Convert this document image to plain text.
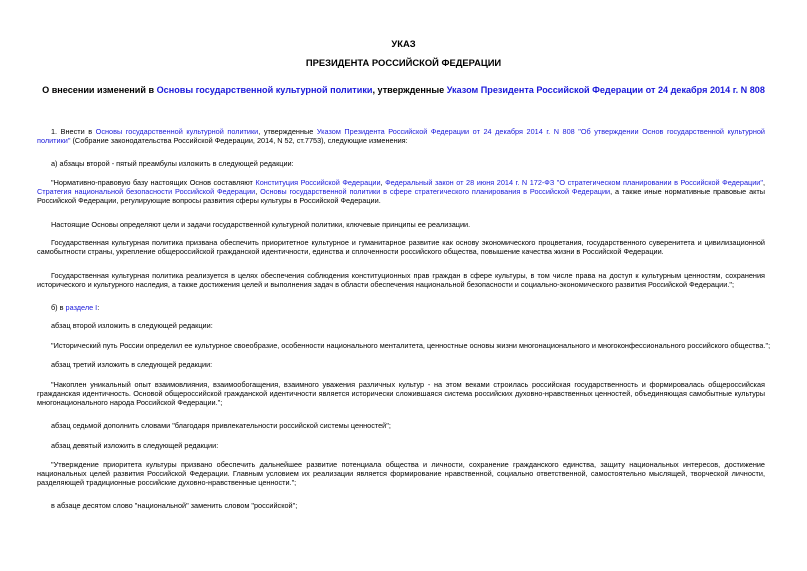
УКАЗ
ПРЕЗИДЕНТА РОССИЙСКОЙ ФЕДЕРАЦИИ
О внесении изменений в Основы государственной культурной политики, утвержденные Указом Президента Российской Федерации от 24 декабря 2014 г. N 808
1. Внести в Основы государственной культурной политики, утвержденные Указом Президента Российской Федерации от 24 декабря 2014 г. N 808 "Об утверждении Основ государственной культурной политики" (Собрание законодательства Российской Федерации, 2014, N 52, ст.7753), следующие изменения:
а) абзацы второй - пятый преамбулы изложить в следующей редакции:
"Нормативно-правовую базу настоящих Основ составляют Конституция Российской Федерации, Федеральный закон от 28 июня 2014 г. N 172-ФЗ "О стратегическом планировании в Российской Федерации", Стратегия национальной безопасности Российской Федерации, Основы государственной политики в сфере стратегического планирования в Российской Федерации, а также иные нормативные правовые акты Российской Федерации, регулирующие вопросы развития сферы культуры в Российской Федерации.
Настоящие Основы определяют цели и задачи государственной культурной политики, ключевые принципы ее реализации.
Государственная культурная политика призвана обеспечить приоритетное культурное и гуманитарное развитие как основу экономического процветания, государственного суверенитета и цивилизационной самобытности страны, укрепление общероссийской гражданской идентичности, единства и сплоченности российского общества, повышение качества жизни в Российской Федерации.
Государственная культурная политика реализуется в целях обеспечения соблюдения конституционных прав граждан в сфере культуры, в том числе права на доступ к культурным ценностям, сохранения исторического и культурного наследия, а также достижения целей и выполнения задач в области обеспечения национальной безопасности и социально-экономического развития Российской Федерации.";
б) в разделе I:
абзац второй изложить в следующей редакции:
"Исторический путь России определил ее культурное своеобразие, особенности национального менталитета, ценностные основы жизни многонационального и многоконфессионального российского общества.";
абзац третий изложить в следующей редакции:
"Накоплен уникальный опыт взаимовлияния, взаимообогащения, взаимного уважения различных культур - на этом веками строилась российская государственность и формировалась общероссийская гражданская идентичность. Основой общероссийской гражданской идентичности является исторически сложившаяся система российских духовно-нравственных ценностей, объединяющая самобытные культуры многонационального народа Российской Федерации.";
абзац седьмой дополнить словами "благодаря привлекательности российской системы ценностей";
абзац девятый изложить в следующей редакции:
"Утверждение приоритета культуры призвано обеспечить дальнейшее развитие потенциала общества и личности, сохранение гражданского единства, защиту национальных интересов, достижение национальных целей развития Российской Федерации. Главным условием их реализации является формирование нравственной, социально ответственной, самостоятельно мыслящей, творческой личности, разделяющей традиционные российские духовно-нравственные ценности.";
в абзаце десятом слово "национальной" заменить словом "российской";
